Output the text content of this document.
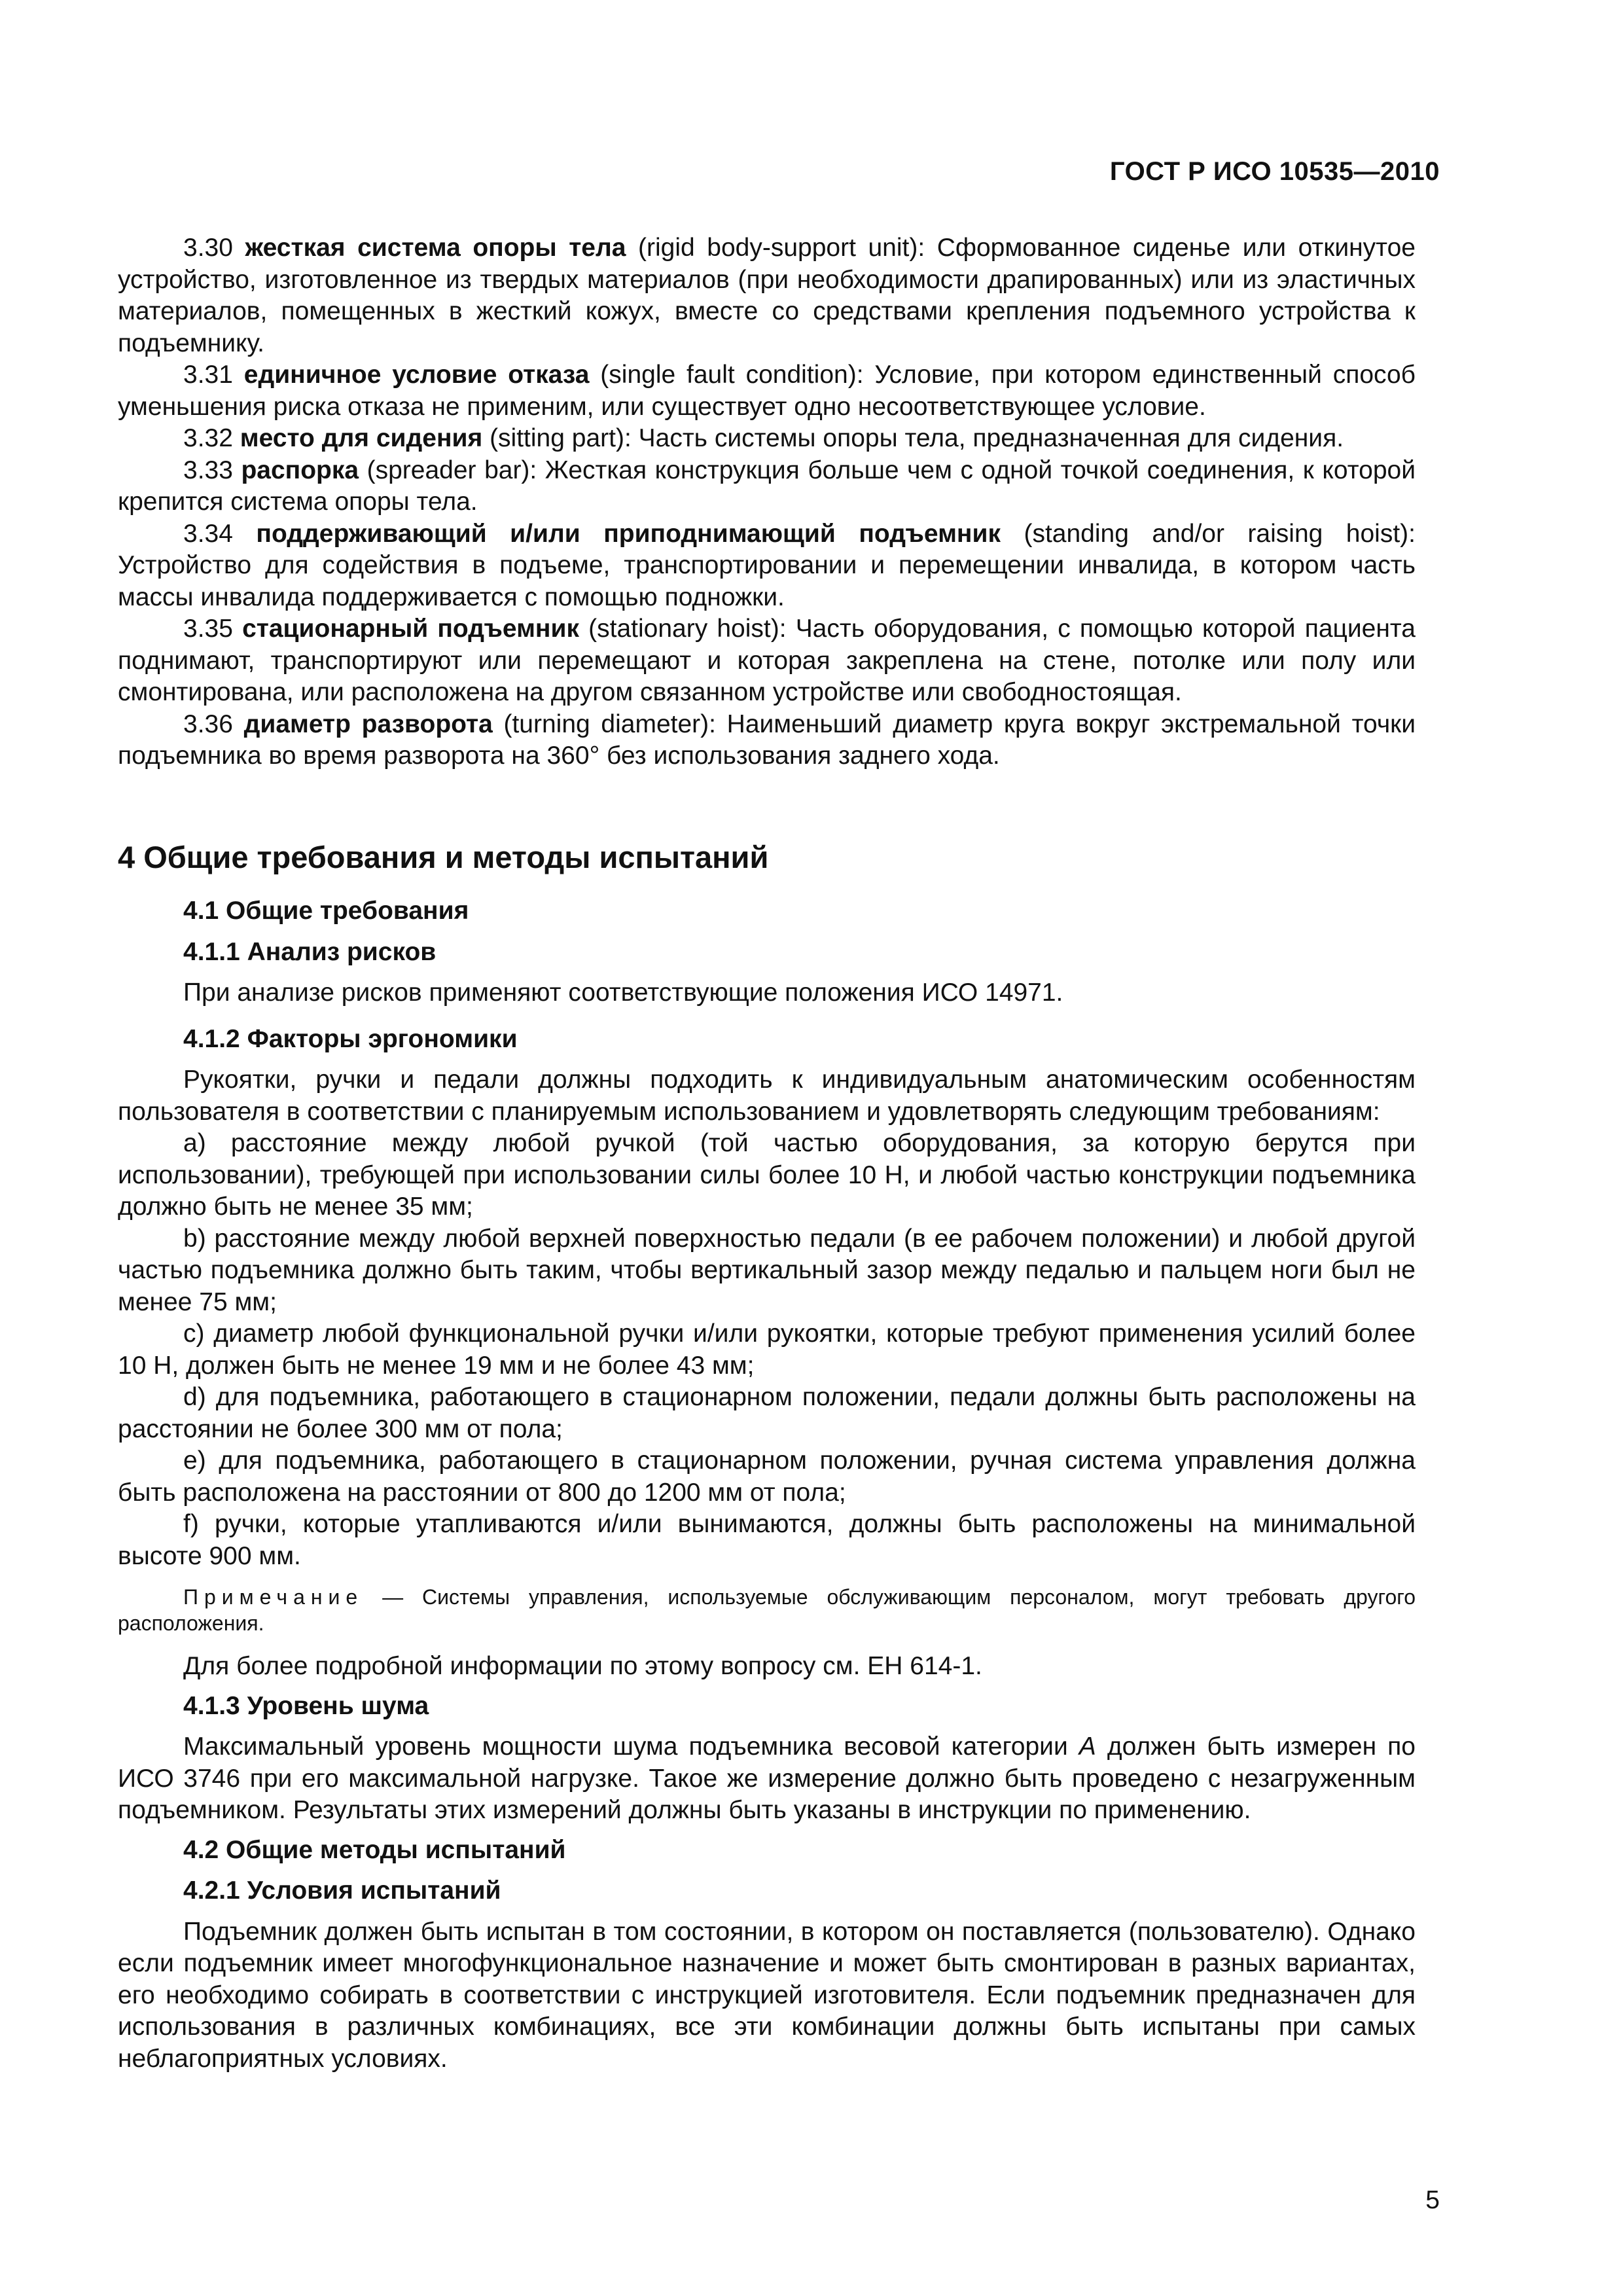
ГОСТ Р ИСО 10535—2010

3.30 жесткая система опоры тела (rigid body-support unit): Сформованное сиденье или откинутое устройство, изготовленное из твердых материалов (при необходимости драпированных) или из эластичных материалов, помещенных в жесткий кожух, вместе со средствами крепления подъемного устройства к подъемнику.

3.31 единичное условие отказа (single fault condition): Условие, при котором единственный способ уменьшения риска отказа не применим, или существует одно несоответствующее условие.

3.32 место для сидения (sitting part): Часть системы опоры тела, предназначенная для сидения.

3.33 распорка (spreader bar): Жесткая конструкция больше чем с одной точкой соединения, к которой крепится система опоры тела.

3.34 поддерживающий и/или приподнимающий подъемник (standing and/or raising hoist): Устройство для содействия в подъеме, транспортировании и перемещении инвалида, в котором часть массы инвалида поддерживается с помощью подножки.

3.35 стационарный подъемник (stationary hoist): Часть оборудования, с помощью которой пациента поднимают, транспортируют или перемещают и которая закреплена на стене, потолке или полу или смонтирована, или расположена на другом связанном устройстве или свободностоящая.

3.36 диаметр разворота (turning diameter): Наименьший диаметр круга вокруг экстремальной точки подъемника во время разворота на 360° без использования заднего хода.

4 Общие требования и методы испытаний

4.1 Общие требования

4.1.1 Анализ рисков

При анализе рисков применяют соответствующие положения ИСО 14971.

4.1.2 Факторы эргономики

Рукоятки, ручки и педали должны подходить к индивидуальным анатомическим особенностям пользователя в соответствии с планируемым использованием и удовлетворять следующим требованиям:

a) расстояние между любой ручкой (той частью оборудования, за которую берутся при использовании), требующей при использовании силы более 10 Н, и любой частью конструкции подъемника должно быть не менее 35 мм;

b) расстояние между любой верхней поверхностью педали (в ее рабочем положении) и любой другой частью подъемника должно быть таким, чтобы вертикальный зазор между педалью и пальцем ноги был не менее 75 мм;

c) диаметр любой функциональной ручки и/или рукоятки, которые требуют применения усилий более 10 Н, должен быть не менее 19 мм и не более 43 мм;

d) для подъемника, работающего в стационарном положении, педали должны быть расположены на расстоянии не более 300 мм от пола;

e) для подъемника, работающего в стационарном положении, ручная система управления должна быть расположена на расстоянии от 800 до 1200 мм от пола;

f) ручки, которые утапливаются и/или вынимаются, должны быть расположены на минимальной высоте 900 мм.

Примечание — Системы управления, используемые обслуживающим персоналом, могут требовать другого расположения.

Для более подробной информации по этому вопросу см. ЕН 614-1.

4.1.3 Уровень шума

Максимальный уровень мощности шума подъемника весовой категории А должен быть измерен по ИСО 3746 при его максимальной нагрузке. Такое же измерение должно быть проведено с незагруженным подъемником. Результаты этих измерений должны быть указаны в инструкции по применению.

4.2 Общие методы испытаний

4.2.1 Условия испытаний

Подъемник должен быть испытан в том состоянии, в котором он поставляется (пользователю). Однако если подъемник имеет многофункциональное назначение и может быть смонтирован в разных вариантах, его необходимо собирать в соответствии с инструкцией изготовителя. Если подъемник предназначен для использования в различных комбинациях, все эти комбинации должны быть испытаны при самых неблагоприятных условиях.

5
